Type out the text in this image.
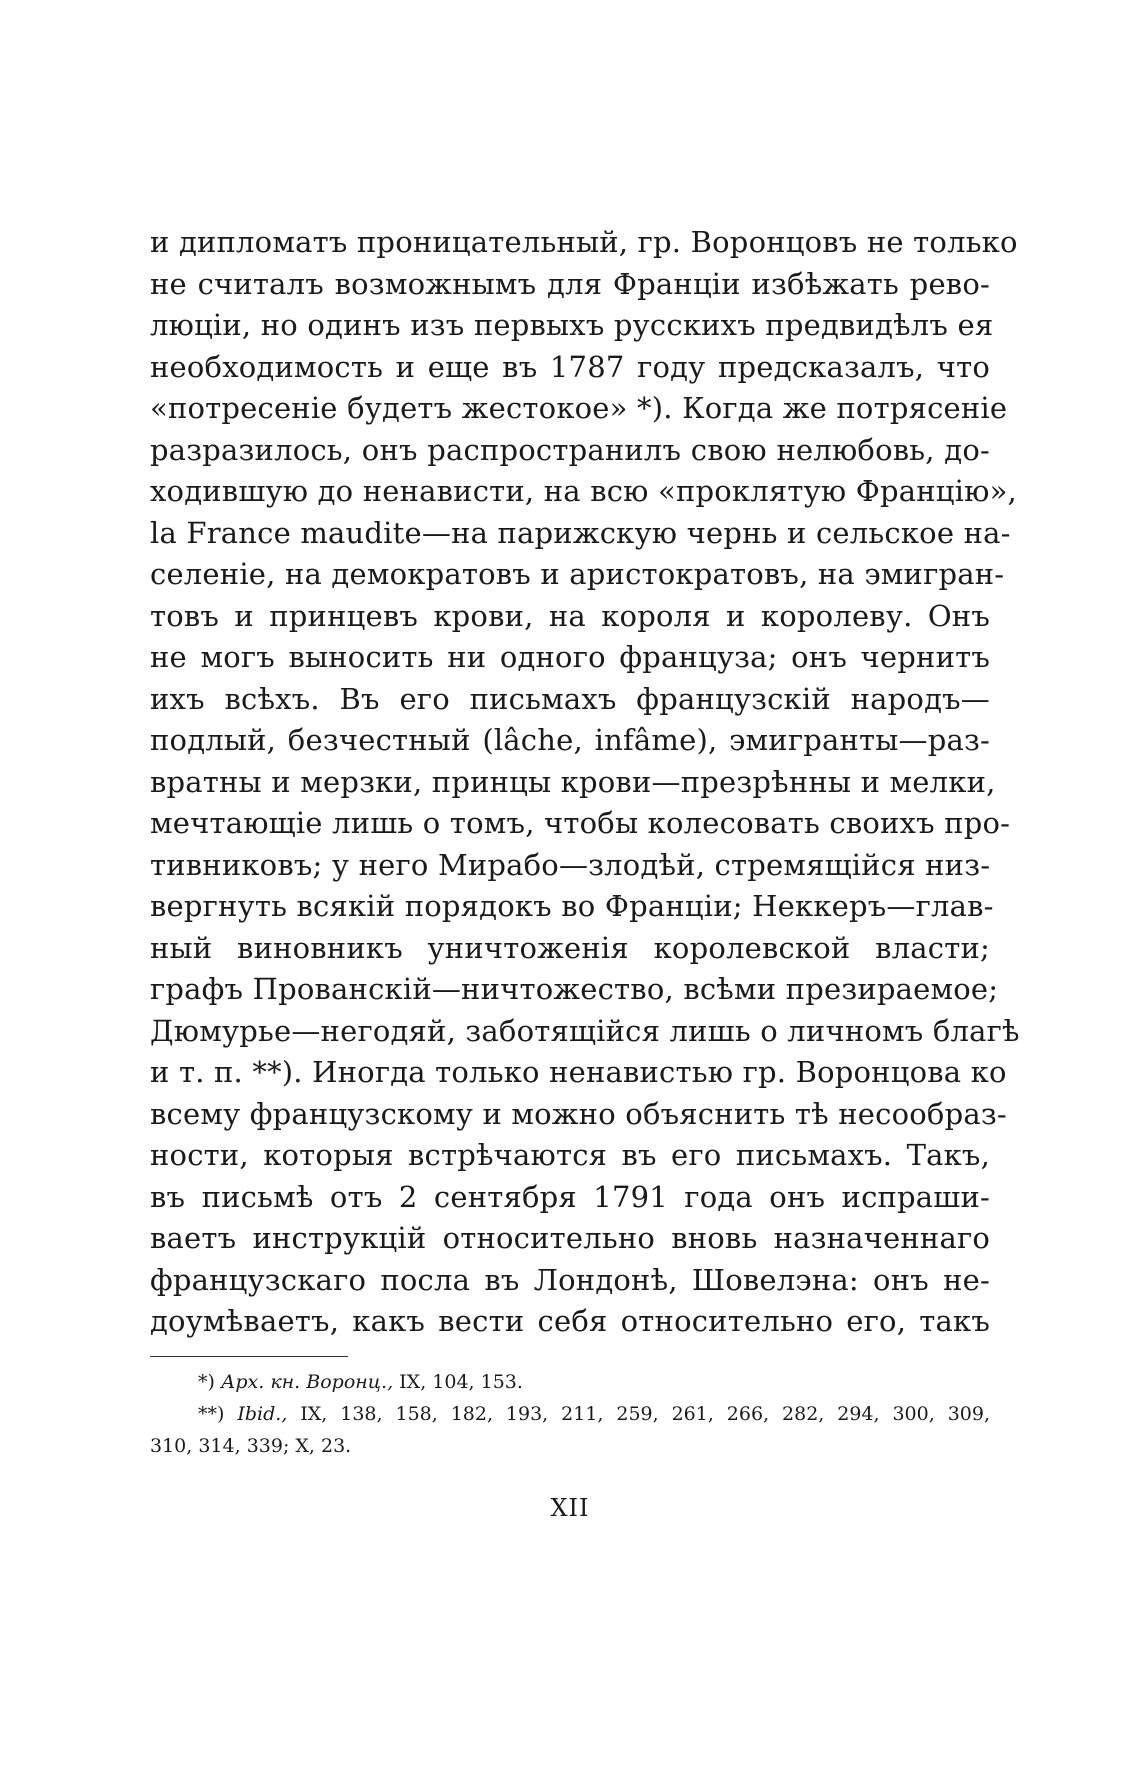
и дипломатъ проницательный, гр. Воронцовъ не только
не считалъ возможнымъ для Франціи избѣжать рево-
люціи, но одинъ изъ первыхъ русскихъ предвидѣлъ ея
необходимость и еще въ 1787 году предсказалъ, что
«потресеніе будетъ жестокое» *). Когда же потрясеніе
разразилось, онъ распространилъ свою нелюбовь, до-
ходившую до ненависти, на всю «проклятую Францію»,
la France maudite—на парижскую чернь и сельское на-
селеніе, на демократовъ и аристократовъ, на эмигран-
товъ и принцевъ крови, на короля и королеву. Онъ
не могъ выносить ни одного француза; онъ чернитъ
ихъ всѣхъ. Въ его письмахъ французскій народъ—
подлый, безчестный (lâche, infâme), эмигранты—раз-
вратны и мерзки, принцы крови—презрѣнны и мелки,
мечтающіе лишь о томъ, чтобы колесовать своихъ про-
тивниковъ; у него Мирабо—злодѣй, стремящійся низ-
вергнуть всякій порядокъ во Франціи; Неккеръ—глав-
ный виновникъ уничтоженія королевской власти;
графъ Прованскій—ничтожество, всѣми презираемое;
Дюмурье—негодяй, заботящійся лишь о личномъ благѣ
и т. п. **). Иногда только ненавистью гр. Воронцова ко
всему французскому и можно объяснить тѣ несообраз-
ности, которыя встрѣчаются въ его письмахъ. Такъ,
въ письмѣ отъ 2 сентября 1791 года онъ испраши-
ваетъ инструкцій относительно вновь назначеннаго
французскаго посла въ Лондонѣ, Шовелэна: онъ не-
доумѣваетъ, какъ вести себя относительно его, такъ
*) Арх. кн. Воронц., IX, 104, 153.
**) Ibid., IX, 138, 158, 182, 193, 211, 259, 261, 266, 282, 294, 300, 309,
310, 314, 339; X, 23.
XII
